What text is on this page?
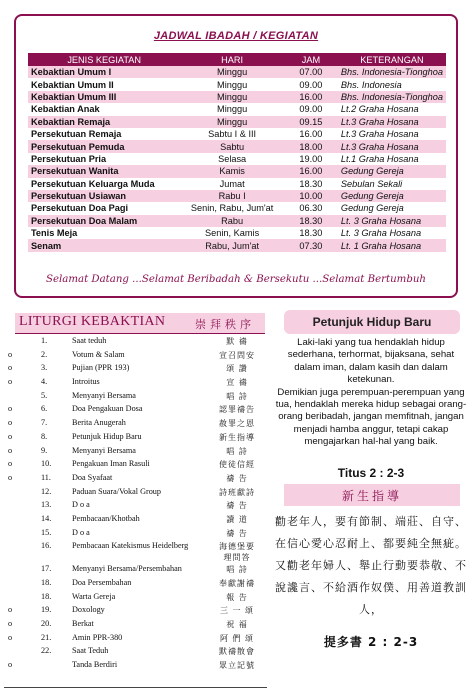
JADWAL IBADAH / KEGIATAN
JENIS KEGIATAN	HARI	JAM	KETERANGAN
Kebaktian Umum I	Minggu	07.00	Bhs. Indonesia-Tionghoa
Kebaktian Umum II	Minggu	09.00	Bhs. Indonesia
Kebaktian Umum III	Minggu	16.00	Bhs. Indonesia-Tionghoa
Kebaktian Anak	Minggu	09.00	Lt.2 Graha Hosana
Kebaktian Remaja	Minggu	09.15	Lt.3 Graha Hosana
Persekutuan Remaja	Sabtu I & III	16.00	Lt.3 Graha Hosana
Persekutuan Pemuda	Sabtu	18.00	Lt.3 Graha Hosana
Persekutuan Pria	Selasa	19.00	Lt.1 Graha Hosana
Persekutuan Wanita	Kamis	16.00	Gedung Gereja
Persekutuan Keluarga Muda	Jumat	18.30	Sebulan Sekali
Persekutuan Usiawan	Rabu I	10.00	Gedung Gereja
Persekutuan Doa Pagi	Senin, Rabu, Jum'at	06.30	Gedung Gereja
Persekutuan Doa Malam	Rabu	18.30	Lt. 3 Graha Hosana
Tenis Meja	Senin, Kamis	18.30	Lt. 3 Graha Hosana
Senam	Rabu, Jum'at	07.30	Lt. 1 Graha Hosana
Selamat Datang ...Selamat Beribadah & Bersekutu ...Selamat Bertumbuh
LITURGI KEBAKTIAN	崇拜秩序
1.	Saat teduh	默 禱
o	2.	Votum & Salam	宣召問安
o	3.	Pujian (PPR 193)	頌 讚
o	4.	Introitus	宣 禱
5.	Menyanyi Bersama	唱 詩
o	6.	Doa Pengakuan Dosa	認罪禱告
o	7.	Berita Anugerah	赦罪之恩
o	8.	Petunjuk Hidup Baru	新生指導
o	9.	Menyanyi Bersama	唱 詩
o	10.	Pengakuan Iman Rasuli	使徒信經
o	11.	Doa Syafaat	禱 告
12.	Paduan Suara/Vokal Group	詩班獻詩
13.	D o a	禱 告
14.	Pembacaan/Khotbah	讀 道
15.	D o a	禱 告
16.	Pembacaan Katekismus Heidelberg	海德堡要
理問答
17.	Menyanyi Bersama/Persembahan	唱 詩
18.	Doa Persembahan	奉獻謝禱
18.	Warta Gereja	報 告
o	19.	Doxology	三 一 頌
o	20.	Berkat	祝 福
o	21.	Amin PPR-380	阿 們 頌
22.	Saat Teduh	默禱散會
o	Tanda Berdiri	眾立記號
Petunjuk Hidup Baru

Laki-laki yang tua hendaklah hidup sederhana, terhormat, bijaksana, sehat dalam iman, dalam kasih dan dalam ketekunan.

Demikian juga perempuan-perempuan yang tua, hendaklah mereka hidup sebagai orang-orang beribadah, jangan memfitnah, jangan menjadi hamba anggur, tetapi cakap mengajarkan hal-hal yang baik.

Titus 2 : 2-3
新生指導
勸老年人，要有節制、端莊、自守、在信心愛心忍耐上、都要純全無疵。又勸老年婦人、舉止行動要恭敬、不說讒言、不給酒作奴僕、用善道教訓人，
提多書 2 : 2-3
